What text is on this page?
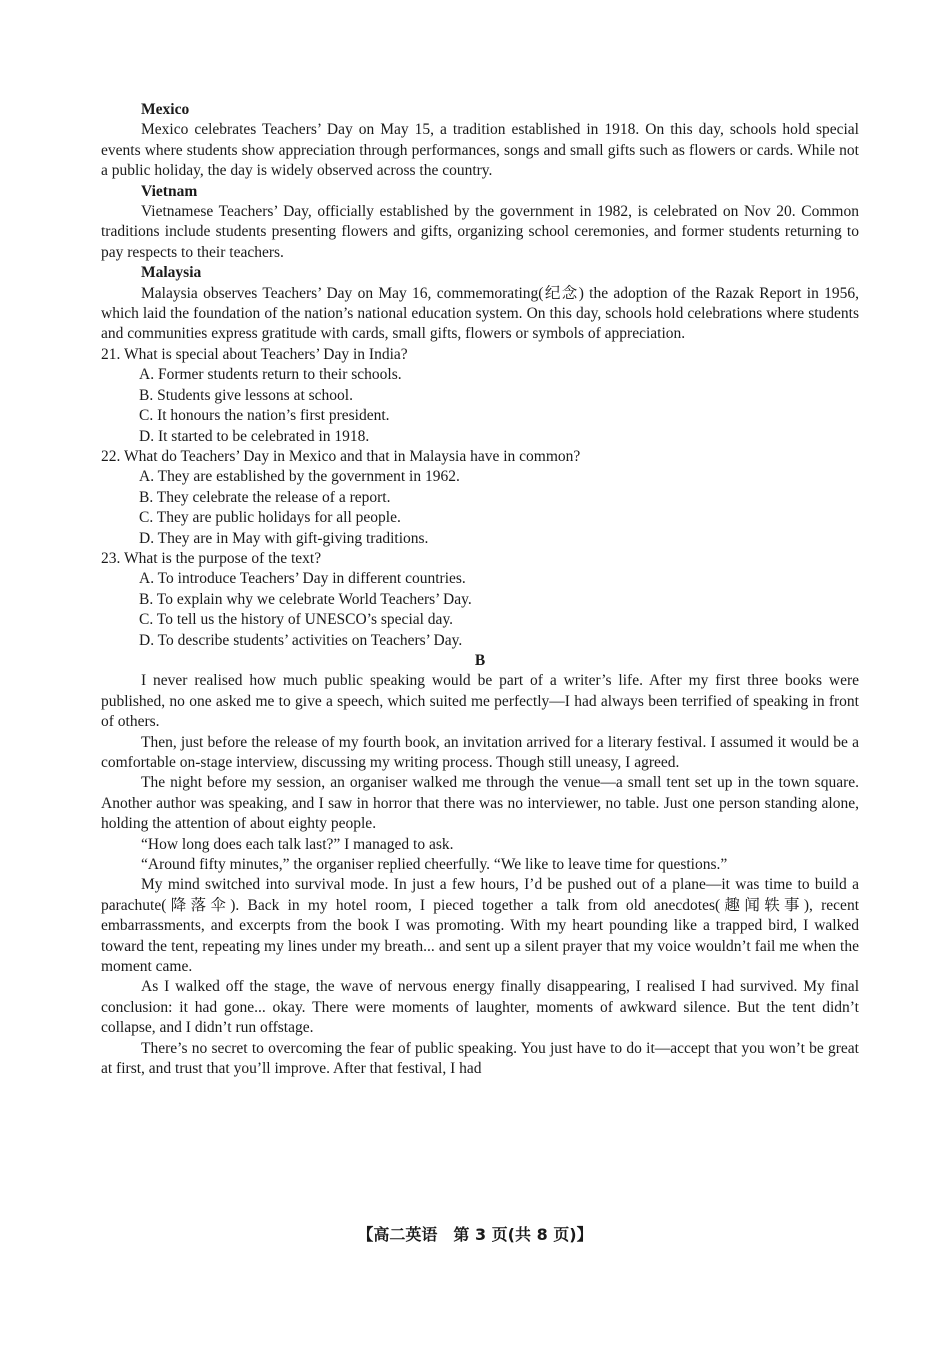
Mexico

Mexico celebrates Teachers’ Day on May 15, a tradition established in 1918. On this day, schools hold special events where students show appreciation through performances, songs and small gifts such as flowers or cards. While not a public holiday, the day is widely observed across the country.

Vietnam

Vietnamese Teachers’ Day, officially established by the government in 1982, is celebrated on Nov 20. Common traditions include students presenting flowers and gifts, organizing school ceremonies, and former students returning to pay respects to their teachers.

Malaysia

Malaysia observes Teachers’ Day on May 16, commemorating(纪念) the adoption of the Razak Report in 1956, which laid the foundation of the nation’s national education system. On this day, schools hold celebrations where students and communities express gratitude with cards, small gifts, flowers or symbols of appreciation.

21. What is special about Teachers’ Day in India?
A. Former students return to their schools.
B. Students give lessons at school.
C. It honours the nation’s first president.
D. It started to be celebrated in 1918.
22. What do Teachers’ Day in Mexico and that in Malaysia have in common?
A. They are established by the government in 1962.
B. They celebrate the release of a report.
C. They are public holidays for all people.
D. They are in May with gift-giving traditions.
23. What is the purpose of the text?
A. To introduce Teachers’ Day in different countries.
B. To explain why we celebrate World Teachers’ Day.
C. To tell us the history of UNESCO’s special day.
D. To describe students’ activities on Teachers’ Day.
B

I never realised how much public speaking would be part of a writer’s life. After my first three books were published, no one asked me to give a speech, which suited me perfectly—I had always been terrified of speaking in front of others.

Then, just before the release of my fourth book, an invitation arrived for a literary festival. I assumed it would be a comfortable on-stage interview, discussing my writing process. Though still uneasy, I agreed.

The night before my session, an organiser walked me through the venue—a small tent set up in the town square. Another author was speaking, and I saw in horror that there was no interviewer, no table. Just one person standing alone, holding the attention of about eighty people.

“How long does each talk last?” I managed to ask.

“Around fifty minutes,” the organiser replied cheerfully. “We like to leave time for questions.”

My mind switched into survival mode. In just a few hours, I’d be pushed out of a plane—it was time to build a parachute(降落伞). Back in my hotel room, I pieced together a talk from old anecdotes(趣闻轶事), recent embarrassments, and excerpts from the book I was promoting. With my heart pounding like a trapped bird, I walked toward the tent, repeating my lines under my breath... and sent up a silent prayer that my voice wouldn’t fail me when the moment came.

As I walked off the stage, the wave of nervous energy finally disappearing, I realised I had survived. My final conclusion: it had gone... okay. There were moments of laughter, moments of awkward silence. But the tent didn’t collapse, and I didn’t run offstage.

There’s no secret to overcoming the fear of public speaking. You just have to do it—accept that you won’t be great at first, and trust that you’ll improve. After that festival, I had

【高二英语　第 3 页(共 8 页)】
